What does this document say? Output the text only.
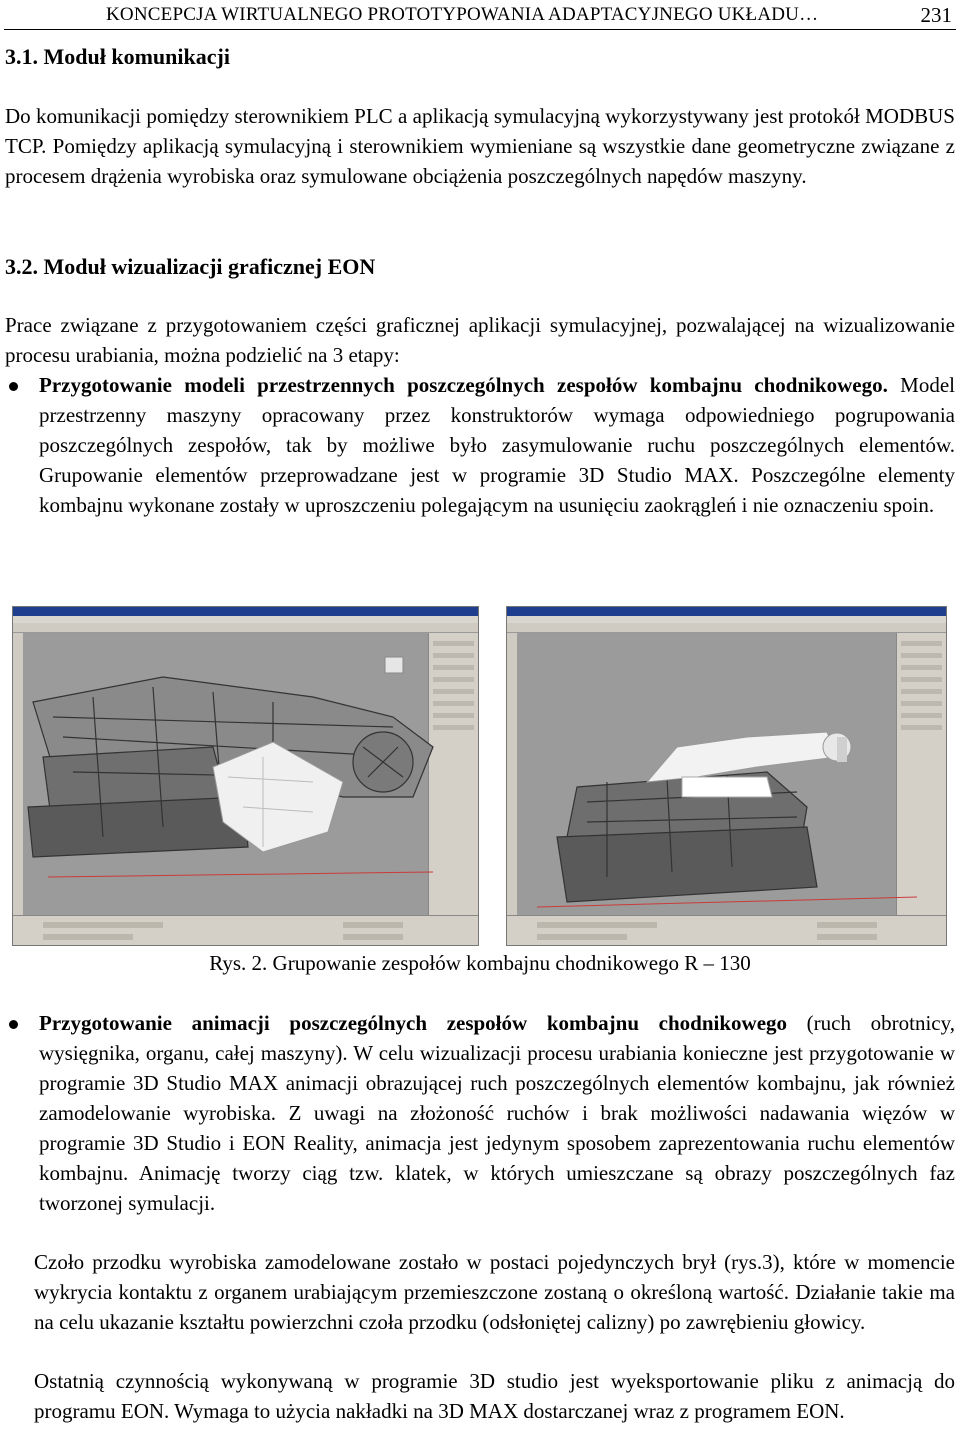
KONCEPCJA WIRTUALNEGO PROTOTYPOWANIA ADAPTACYJNEGO UKŁADU…	231
3.1. Moduł komunikacji
Do komunikacji pomiędzy sterownikiem PLC a aplikacją symulacyjną wykorzystywany jest protokół MODBUS TCP. Pomiędzy aplikacją symulacyjną i sterownikiem wymieniane są wszystkie dane geometryczne związane z procesem drążenia wyrobiska oraz symulowane obciążenia poszczególnych napędów maszyny.
3.2. Moduł wizualizacji graficznej EON
Prace związane z przygotowaniem części graficznej aplikacji symulacyjnej, pozwalającej na wizualizowanie procesu urabiania, można podzielić na 3 etapy:
Przygotowanie modeli przestrzennych poszczególnych zespołów kombajnu chodnikowego. Model przestrzenny maszyny opracowany przez konstruktorów wymaga odpowiedniego pogrupowania poszczególnych zespołów, tak by możliwe było zasymulowanie ruchu poszczególnych elementów. Grupowanie elementów przeprowadzane jest w programie 3D Studio MAX. Poszczególne elementy kombajnu wykonane zostały w uproszczeniu polegającym na usunięciu zaokrągleń i nie oznaczeniu spoin.
Rys. 2. Grupowanie zespołów kombajnu chodnikowego R – 130
Przygotowanie animacji poszczególnych zespołów kombajnu chodnikowego (ruch obrotnicy, wysięgnika, organu, całej maszyny). W celu wizualizacji procesu urabiania konieczne jest przygotowanie w programie 3D Studio MAX animacji obrazującej ruch poszczególnych elementów kombajnu, jak również zamodelowanie wyrobiska. Z uwagi na złożoność ruchów i brak możliwości nadawania więzów w programie 3D Studio i EON Reality, animacja jest jedynym sposobem zaprezentowania ruchu elementów kombajnu. Animację tworzy ciąg tzw. klatek, w których umieszczane są obrazy poszczególnych faz tworzonej symulacji.
Czoło przodku wyrobiska zamodelowane zostało w postaci pojedynczych brył (rys.3), które w momencie wykrycia kontaktu z organem urabiającym przemieszczone zostaną o określoną wartość. Działanie takie ma na celu ukazanie kształtu powierzchni czoła przodku (odsłoniętej calizny) po zawrębieniu głowicy.
Ostatnią czynnością wykonywaną w programie 3D studio jest wyeksportowanie pliku z animacją do programu EON. Wymaga to użycia nakładki na 3D MAX dostarczanej wraz z programem EON.
